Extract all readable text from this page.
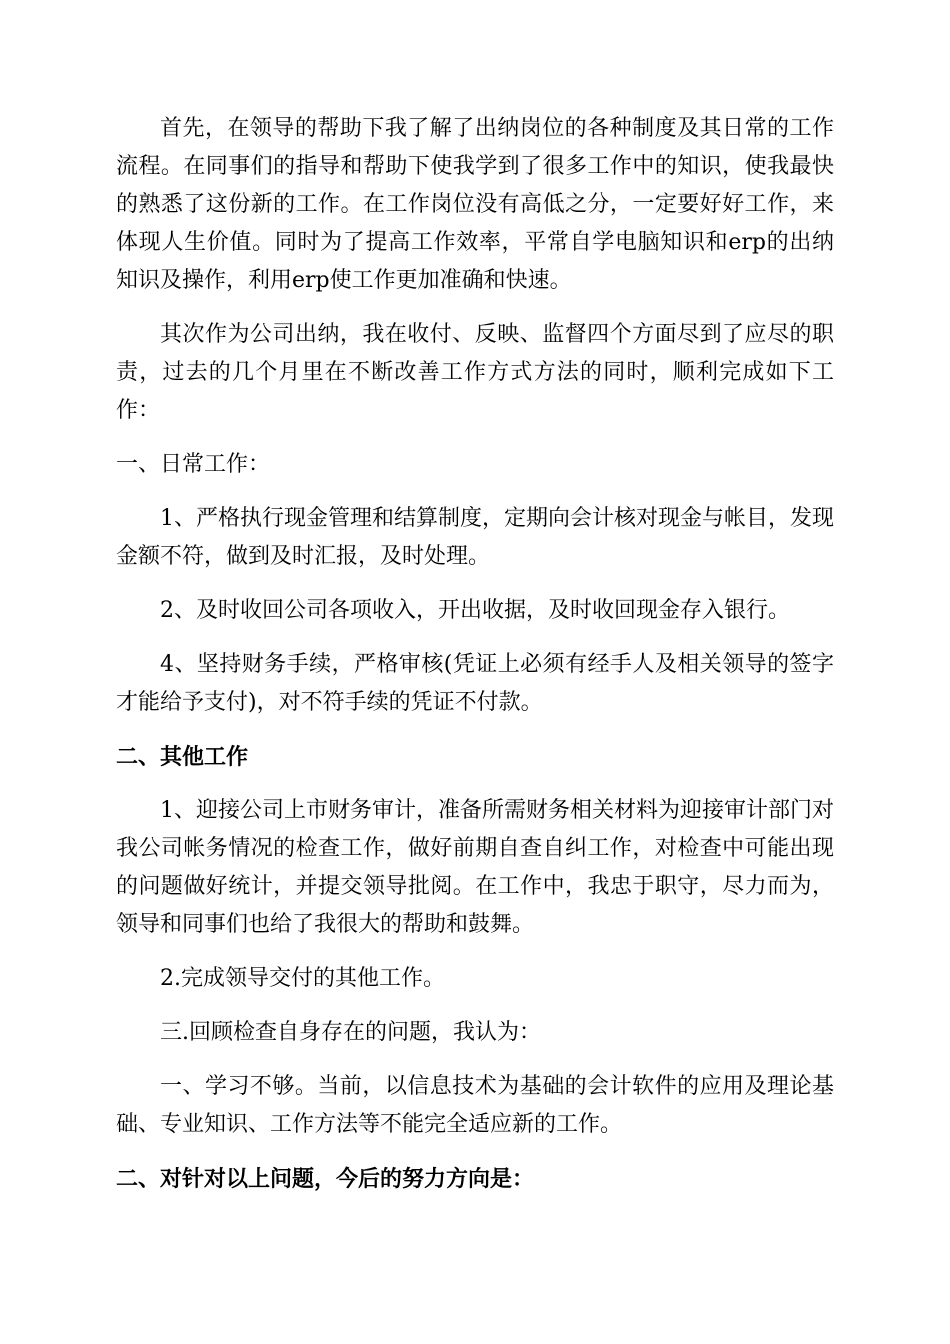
首先，在领导的帮助下我了解了出纳岗位的各种制度及其日常的工作流程。在同事们的指导和帮助下使我学到了很多工作中的知识，使我最快的熟悉了这份新的工作。在工作岗位没有高低之分，一定要好好工作，来体现人生价值。同时为了提高工作效率，平常自学电脑知识和erp的出纳知识及操作，利用erp使工作更加准确和快速。

其次作为公司出纳，我在收付、反映、监督四个方面尽到了应尽的职责，过去的几个月里在不断改善工作方式方法的同时，顺利完成如下工作：

一、日常工作：

1、严格执行现金管理和结算制度，定期向会计核对现金与帐目，发现金额不符，做到及时汇报，及时处理。

2、及时收回公司各项收入，开出收据，及时收回现金存入银行。

4、坚持财务手续，严格审核(凭证上必须有经手人及相关领导的签字才能给予支付)，对不符手续的凭证不付款。

二、其他工作

1、迎接公司上市财务审计，准备所需财务相关材料为迎接审计部门对我公司帐务情况的检查工作，做好前期自查自纠工作，对检查中可能出现的问题做好统计，并提交领导批阅。在工作中，我忠于职守，尽力而为，领导和同事们也给了我很大的帮助和鼓舞。

2.完成领导交付的其他工作。

三.回顾检查自身存在的问题，我认为：

一、学习不够。当前，以信息技术为基础的会计软件的应用及理论基础、专业知识、工作方法等不能完全适应新的工作。

二、对针对以上问题，今后的努力方向是：
